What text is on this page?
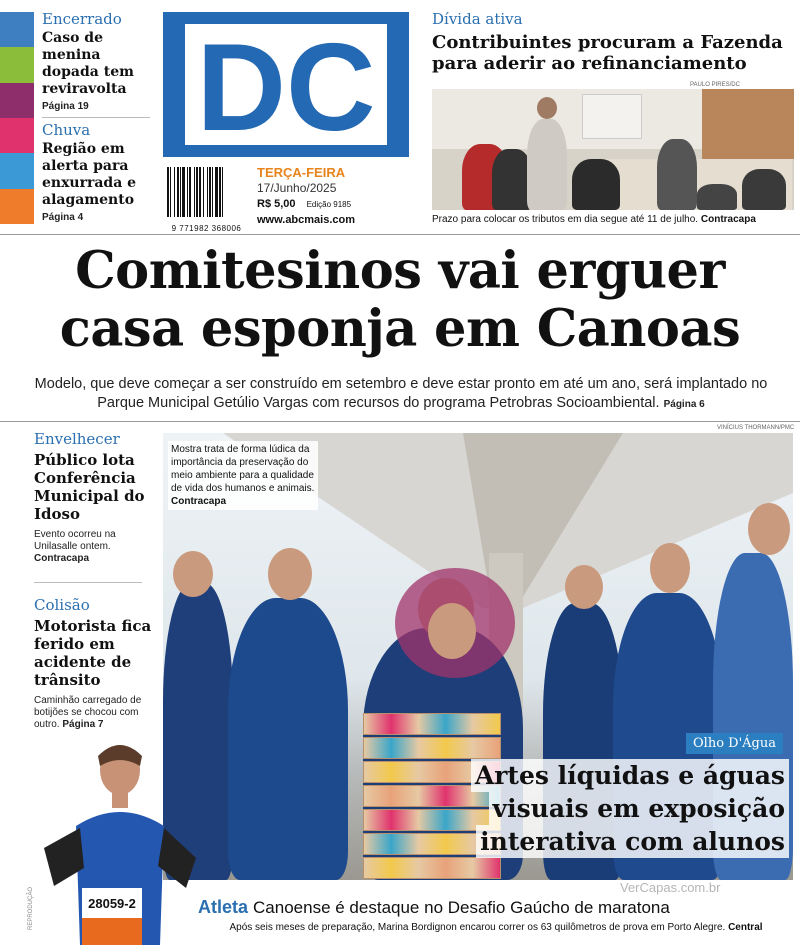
Encerrado
Caso de menina dopada tem reviravolta
Página 19
Chuva
Região em alerta para enxurrada e alagamento
Página 4
DC
9 771982 368006
TERÇA-FEIRA
17/Junho/2025
R$ 5,00 Edição 9185
www.abcmais.com
Dívida ativa
Contribuintes procuram a Fazenda para aderir ao refinanciamento
PAULO PIRES/DC
Prazo para colocar os tributos em dia segue até 11 de julho. Contracapa
Comitesinos vai erguer
casa esponja em Canoas
Modelo, que deve começar a ser construído em setembro e deve estar pronto em até um ano, será implantado no Parque Municipal Getúlio Vargas com recursos do programa Petrobras Socioambiental. Página 6
Envelhecer
Público lota Conferência Municipal do Idoso
Evento ocorreu na Unilasalle ontem. Contracapa
Colisão
Motorista fica ferido em acidente de trânsito
Caminhão carregado de botijões se chocou com outro. Página 7
VINÍCIUS THORMANN/PMC
Mostra trata de forma lúdica da importância da preservação do meio ambiente para a qualidade de vida dos humanos e animais.
Contracapa
Olho D'Água
Artes líquidas e águas
visuais em exposição
interativa com alunos
28059-2
REPRODUÇÃO	Atleta Canoense é destaque no Desafio Gaúcho de maratona
Após seis meses de preparação, Marina Bordignon encarou correr os 63 quilômetros de prova em Porto Alegre. Central
VerCapas.com.br
